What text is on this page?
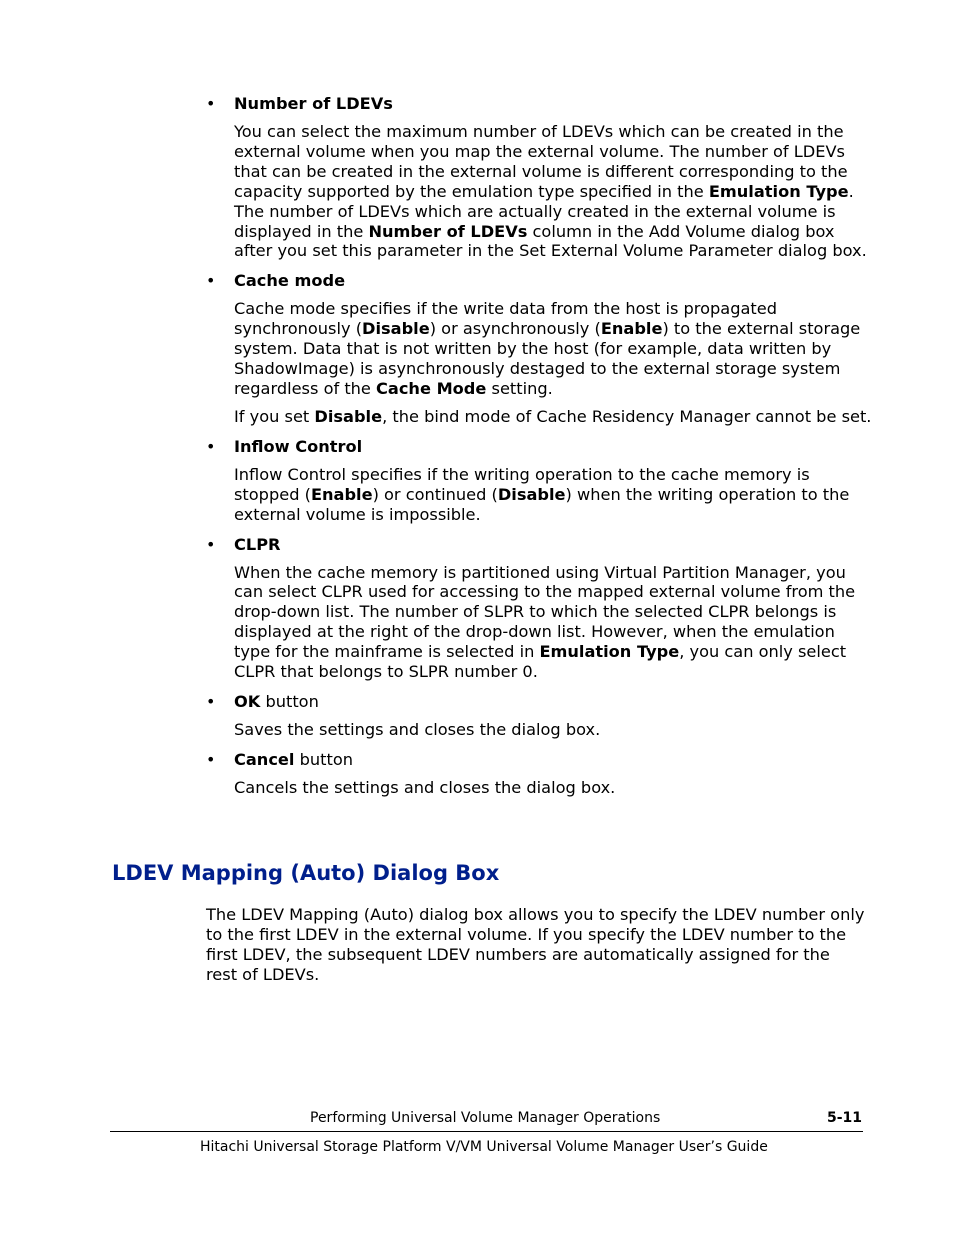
• Number of LDEVs

You can select the maximum number of LDEVs which can be created in the external volume when you map the external volume. The number of LDEVs that can be created in the external volume is different corresponding to the capacity supported by the emulation type specified in the Emulation Type. The number of LDEVs which are actually created in the external volume is displayed in the Number of LDEVs column in the Add Volume dialog box after you set this parameter in the Set External Volume Parameter dialog box.

• Cache mode

Cache mode specifies if the write data from the host is propagated synchronously (Disable) or asynchronously (Enable) to the external storage system. Data that is not written by the host (for example, data written by ShadowImage) is asynchronously destaged to the external storage system regardless of the Cache Mode setting.

If you set Disable, the bind mode of Cache Residency Manager cannot be set.

• Inflow Control

Inflow Control specifies if the writing operation to the cache memory is stopped (Enable) or continued (Disable) when the writing operation to the external volume is impossible.

• CLPR

When the cache memory is partitioned using Virtual Partition Manager, you can select CLPR used for accessing to the mapped external volume from the drop-down list. The number of SLPR to which the selected CLPR belongs is displayed at the right of the drop-down list. However, when the emulation type for the mainframe is selected in Emulation Type, you can only select CLPR that belongs to SLPR number 0.

• OK button

Saves the settings and closes the dialog box.

• Cancel button

Cancels the settings and closes the dialog box.

LDEV Mapping (Auto) Dialog Box

The LDEV Mapping (Auto) dialog box allows you to specify the LDEV number only to the first LDEV in the external volume. If you specify the LDEV number to the first LDEV, the subsequent LDEV numbers are automatically assigned for the rest of LDEVs.

Performing Universal Volume Manager Operations	5-11
Hitachi Universal Storage Platform V/VM Universal Volume Manager User’s Guide
